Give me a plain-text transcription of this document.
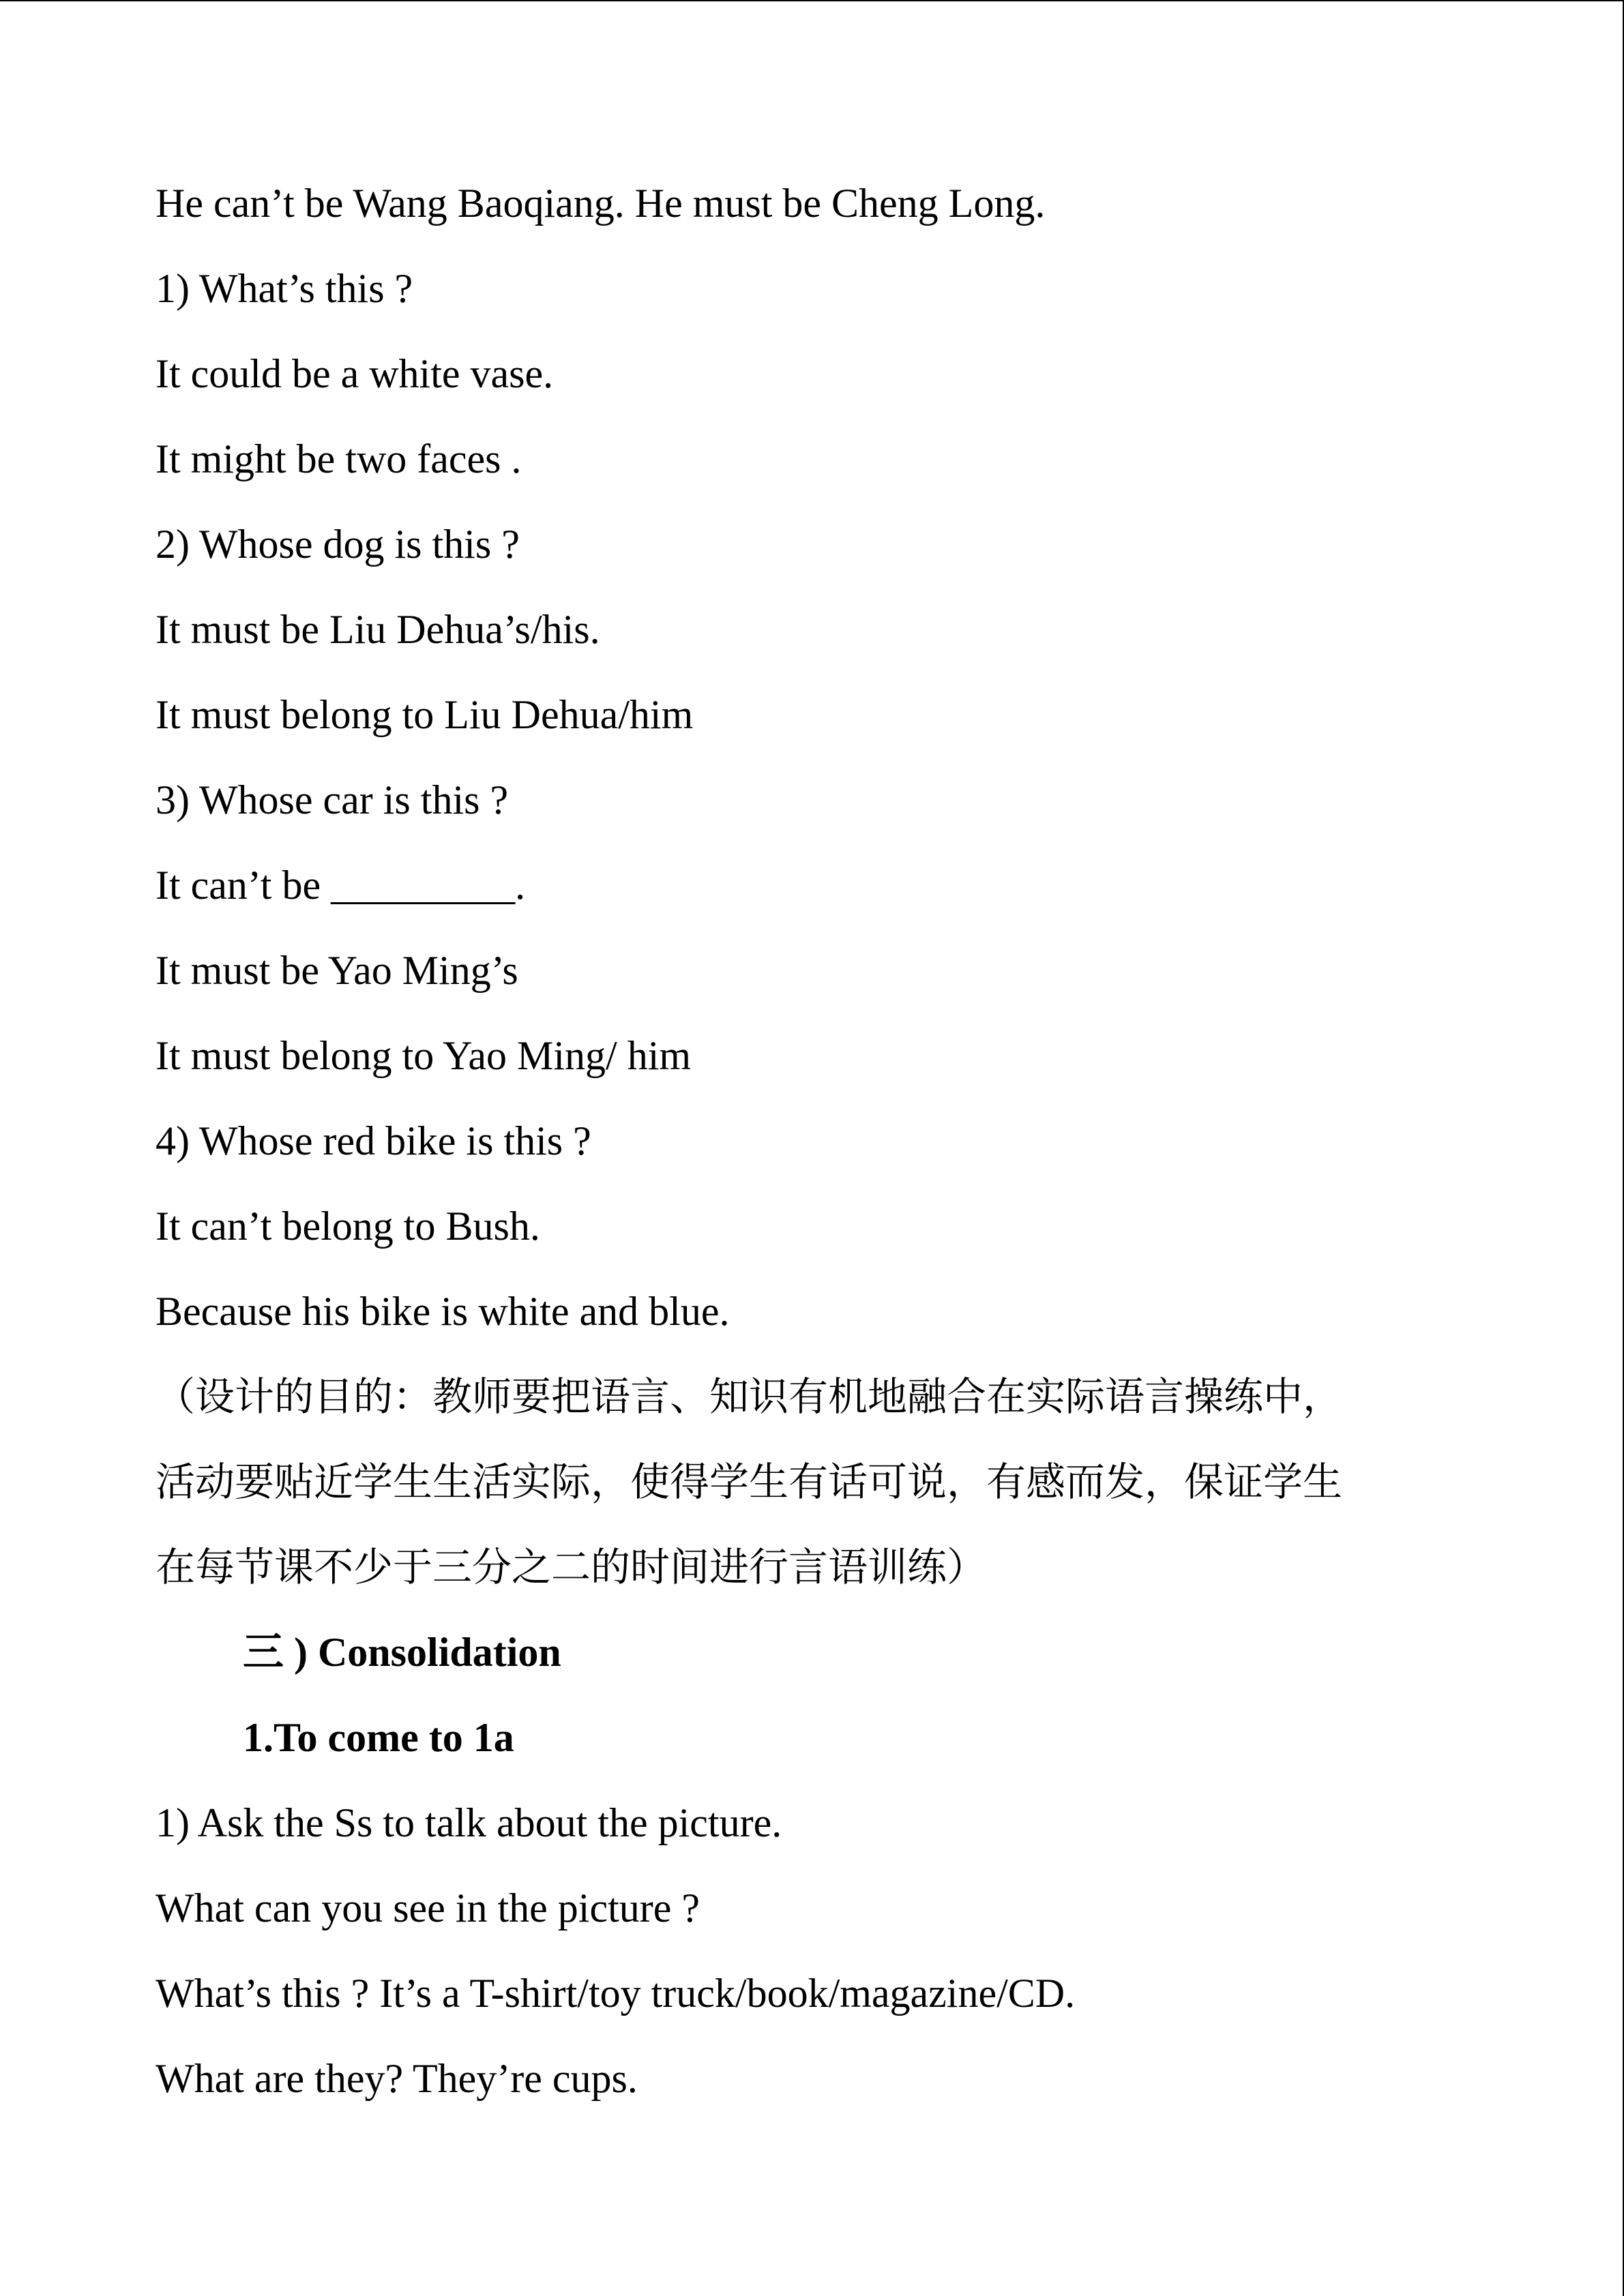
He can’t be Wang Baoqiang. He must be Cheng Long.
1) What’s this ?
It could be a white vase.
It might be two faces .
2) Whose dog is this ?
It must be Liu Dehua’s/his.
It must belong to Liu Dehua/him
3) Whose car is this ?
It can’t be _________.
It must be Yao Ming’s
It must belong to Yao Ming/ him
4) Whose red bike is this ?
It can’t belong to Bush.
Because his bike is white and blue.
（设计的目的：教师要把语言、知识有机地融合在实际语言操练中，
活动要贴近学生生活实际，使得学生有话可说，有感而发，保证学生
在每节课不少于三分之二的时间进行言语训练）
三 ) Consolidation
1.To come to 1a
1) Ask the Ss to talk about the picture.
What can you see in the picture ?
What’s this ? It’s a T-shirt/toy truck/book/magazine/CD.
What are they? They’re cups.
